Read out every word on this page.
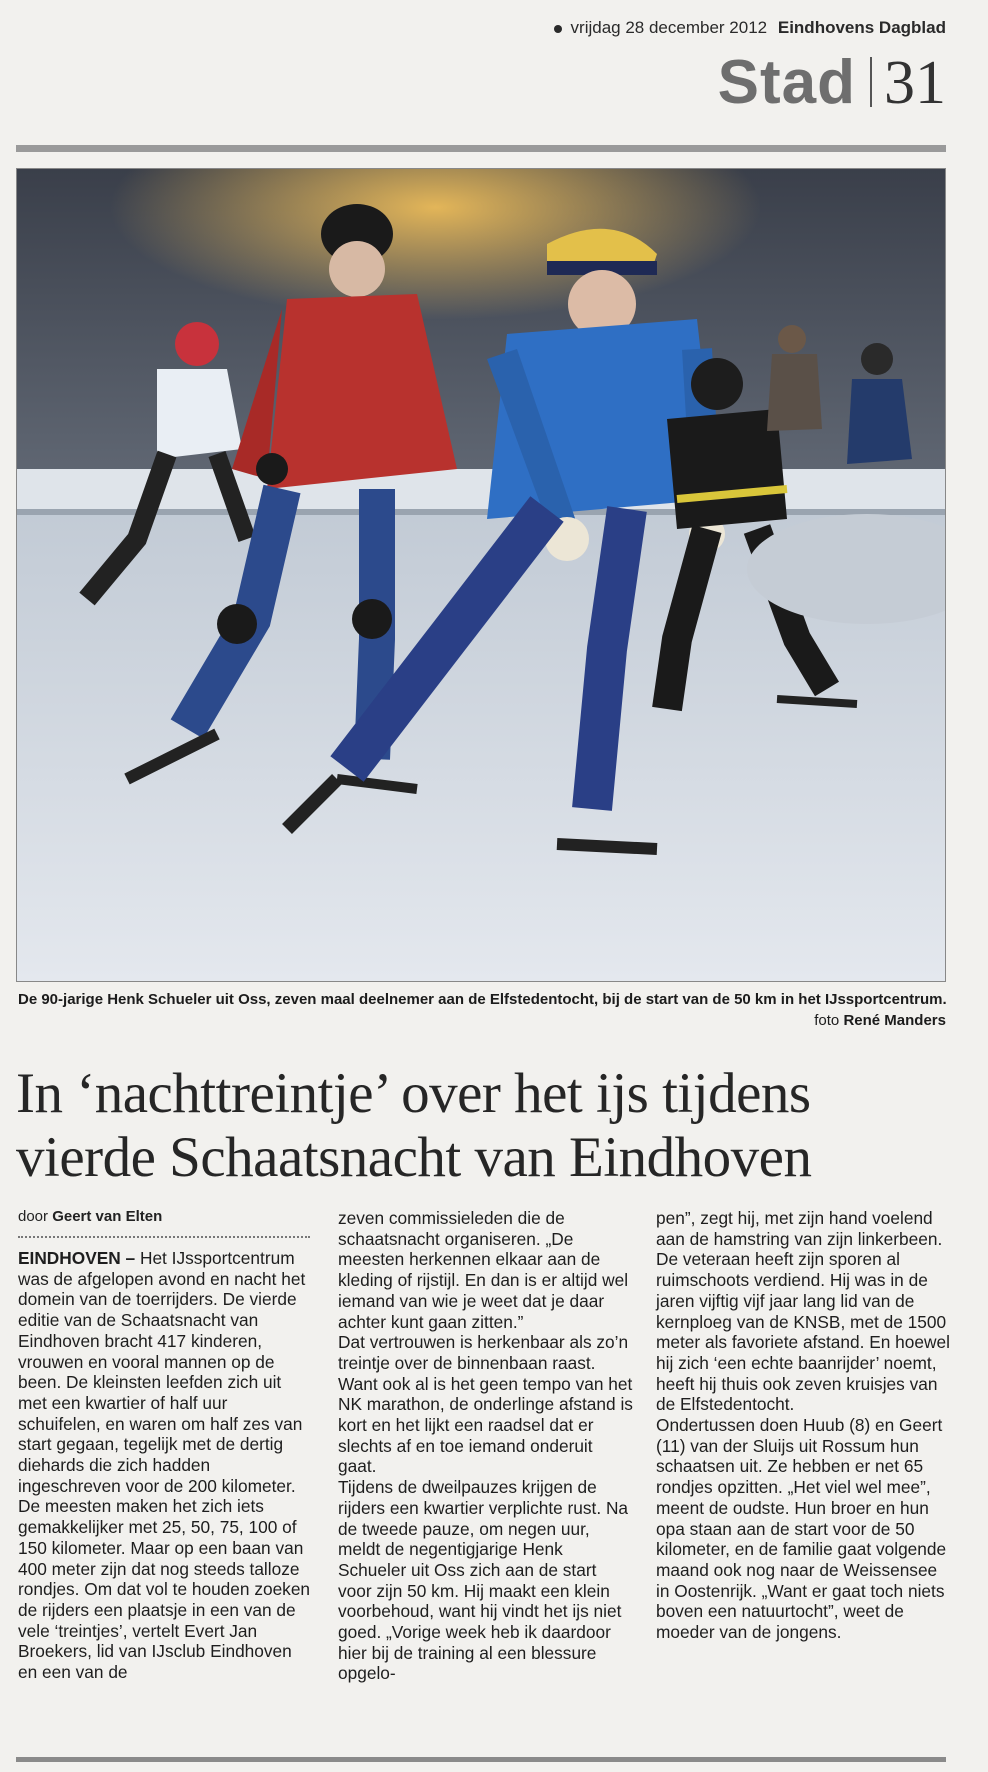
vrijdag 28 december 2012 Eindhovens Dagblad
Stad 31
De 90-jarige Henk Schueler uit Oss, zeven maal deelnemer aan de Elfstedentocht, bij de start van de 50 km in het IJssportcentrum.
foto René Manders
In ‘nachttreintje’ over het ijs tijdens
vierde Schaatsnacht van Eindhoven
door Geert van Elten

EINDHOVEN – Het IJssportcentrum was de afgelopen avond en nacht het domein van de toerrijders. De vierde editie van de Schaatsnacht van Eindhoven bracht 417 kinderen, vrouwen en vooral mannen op de been. De kleinsten leefden zich uit met een kwartier of half uur schuifelen, en waren om half zes van start gegaan, tegelijk met de dertig diehards die zich hadden ingeschreven voor de 200 kilometer.

De meesten maken het zich iets gemakkelijker met 25, 50, 75, 100 of 150 kilometer. Maar op een baan van 400 meter zijn dat nog steeds talloze rondjes. Om dat vol te houden zoeken de rijders een plaatsje in een van de vele ‘treintjes’, vertelt Evert Jan Broekers, lid van IJsclub Eindhoven en een van de

zeven commissieleden die de schaatsnacht organiseren. „De meesten herkennen elkaar aan de kleding of rijstijl. En dan is er altijd wel iemand van wie je weet dat je daar achter kunt gaan zitten.”

Dat vertrouwen is herkenbaar als zo’n treintje over de binnenbaan raast. Want ook al is het geen tempo van het NK marathon, de onderlinge afstand is kort en het lijkt een raadsel dat er slechts af en toe iemand onderuit gaat.

Tijdens de dweilpauzes krijgen de rijders een kwartier verplichte rust. Na de tweede pauze, om negen uur, meldt de negentigjarige Henk Schueler uit Oss zich aan de start voor zijn 50 km. Hij maakt een klein voorbehoud, want hij vindt het ijs niet goed. „Vorige week heb ik daardoor hier bij de training al een blessure opgelo-

pen”, zegt hij, met zijn hand voelend aan de hamstring van zijn linkerbeen.

De veteraan heeft zijn sporen al ruimschoots verdiend. Hij was in de jaren vijftig vijf jaar lang lid van de kernploeg van de KNSB, met de 1500 meter als favoriete afstand. En hoewel hij zich ‘een echte baanrijder’ noemt, heeft hij thuis ook zeven kruisjes van de Elfstedentocht.

Ondertussen doen Huub (8) en Geert (11) van der Sluijs uit Rossum hun schaatsen uit. Ze hebben er net 65 rondjes opzitten. „Het viel wel mee”, meent de oudste. Hun broer en hun opa staan aan de start voor de 50 kilometer, en de familie gaat volgende maand ook nog naar de Weissensee in Oostenrijk. „Want er gaat toch niets boven een natuurtocht”, weet de moeder van de jongens.
